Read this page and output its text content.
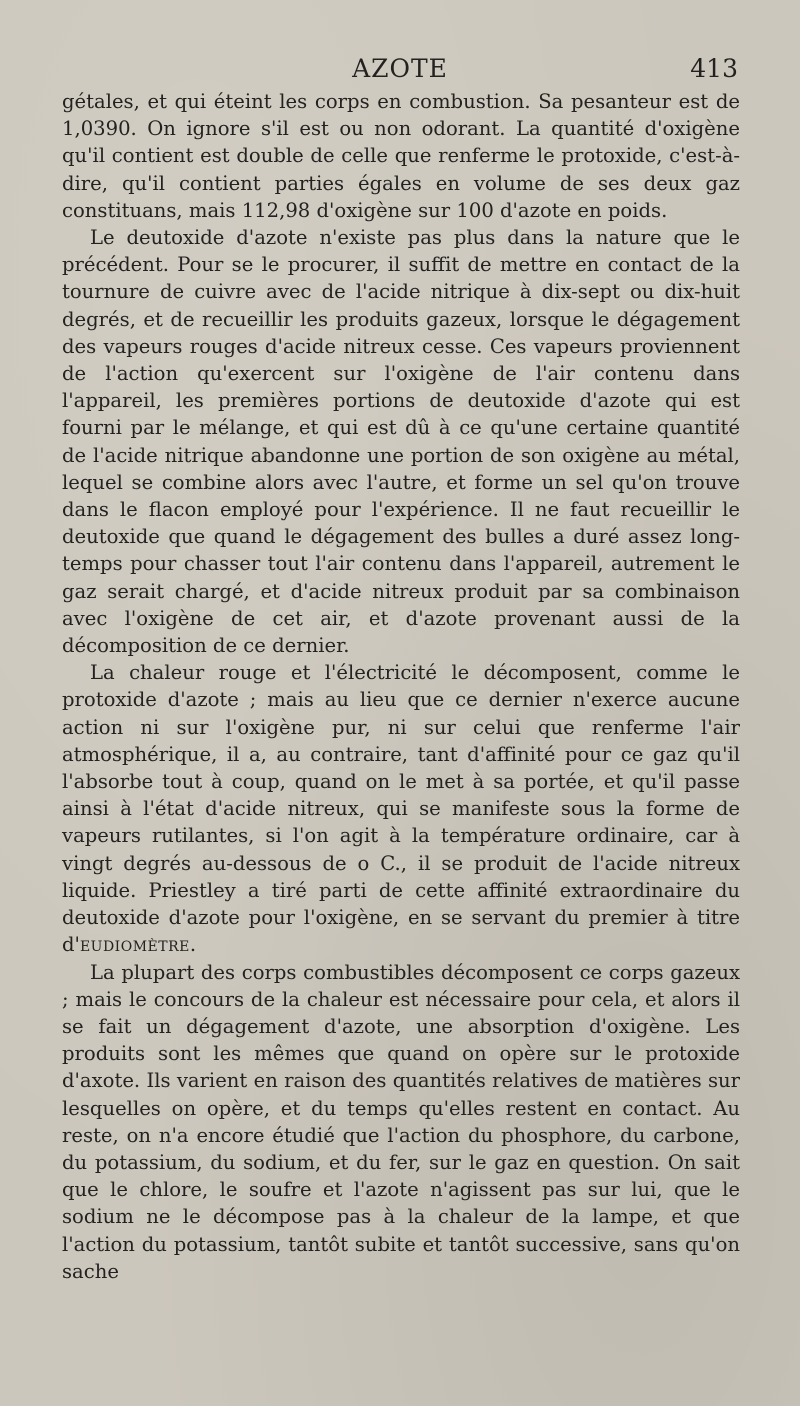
AZOTE	413

gétales, et qui éteint les corps en combustion. Sa pesanteur est de 1,0390. On ignore s'il est ou non odorant. La quantité d'oxigène qu'il contient est double de celle que renferme le protoxide, c'est-à-dire, qu'il contient parties égales en volume de ses deux gaz constituans, mais 112,98 d'oxigène sur 100 d'azote en poids.

Le deutoxide d'azote n'existe pas plus dans la nature que le précédent. Pour se le procurer, il suffit de mettre en contact de la tournure de cuivre avec de l'acide nitrique à dix-sept ou dix-huit degrés, et de recueillir les produits gazeux, lorsque le dégagement des vapeurs rouges d'acide nitreux cesse. Ces vapeurs proviennent de l'action qu'exercent sur l'oxigène de l'air contenu dans l'appareil, les premières portions de deutoxide d'azote qui est fourni par le mélange, et qui est dû à ce qu'une certaine quantité de l'acide nitrique abandonne une portion de son oxigène au métal, lequel se combine alors avec l'autre, et forme un sel qu'on trouve dans le flacon employé pour l'expérience. Il ne faut recueillir le deutoxide que quand le dégagement des bulles a duré assez long-temps pour chasser tout l'air contenu dans l'appareil, autrement le gaz serait chargé, et d'acide nitreux produit par sa combinaison avec l'oxigène de cet air, et d'azote provenant aussi de la décomposition de ce dernier.

La chaleur rouge et l'électricité le décomposent, comme le protoxide d'azote ; mais au lieu que ce dernier n'exerce aucune action ni sur l'oxigène pur, ni sur celui que renferme l'air atmosphérique, il a, au contraire, tant d'affinité pour ce gaz qu'il l'absorbe tout à coup, quand on le met à sa portée, et qu'il passe ainsi à l'état d'acide nitreux, qui se manifeste sous la forme de vapeurs rutilantes, si l'on agit à la température ordinaire, car à vingt degrés au-dessous de o C., il se produit de l'acide nitreux liquide. Priestley a tiré parti de cette affinité extraordinaire du deutoxide d'azote pour l'oxigène, en se servant du premier à titre d'eudiomètre.

La plupart des corps combustibles décomposent ce corps gazeux ; mais le concours de la chaleur est nécessaire pour cela, et alors il se fait un dégagement d'azote, une absorption d'oxigène. Les produits sont les mêmes que quand on opère sur le protoxide d'axote. Ils varient en raison des quantités relatives de matières sur lesquelles on opère, et du temps qu'elles restent en contact. Au reste, on n'a encore étudié que l'action du phosphore, du carbone, du potassium, du sodium, et du fer, sur le gaz en question. On sait que le chlore, le soufre et l'azote n'agissent pas sur lui, que le sodium ne le décompose pas à la chaleur de la lampe, et que l'action du potassium, tantôt subite et tantôt successive, sans qu'on sache
